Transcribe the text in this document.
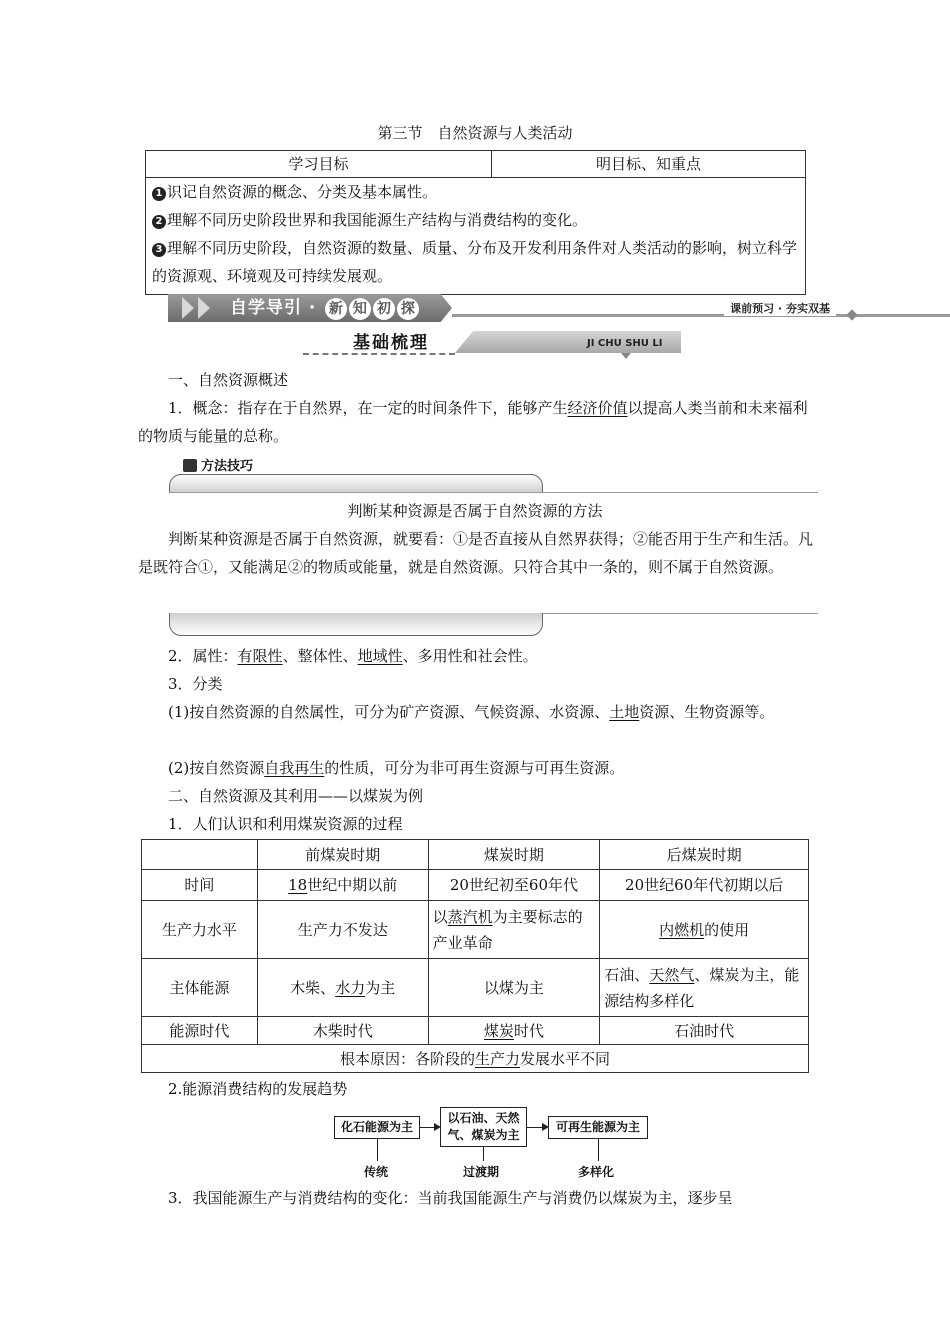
第三节　自然资源与人类活动
学习目标	明目标、知重点
1 识记自然资源的概念、分类及基本属性。
2 理解不同历史阶段世界和我国能源生产结构与消费结构的变化。
3 理解不同历史阶段，自然资源的数量、质量、分布及开发利用条件对人类活动的影响，树立科学的资源观、环境观及可持续发展观。
自学导引 · 新 知 初 探	课前预习 · 夯实双基
基础梳理	JI CHU SHU LI
一、自然资源概述
1．概念：指存在于自然界，在一定的时间条件下，能够产生经济价值以提高人类当前和未来福利的物质与能量的总称。
方法技巧
判断某种资源是否属于自然资源的方法
判断某种资源是否属于自然资源，就要看：①是否直接从自然界获得；②能否用于生产和生活。凡是既符合①，又能满足②的物质或能量，就是自然资源。只符合其中一条的，则不属于自然资源。
2．属性：有限性、整体性、地域性、多用性和社会性。
3．分类
(1)按自然资源的自然属性，可分为矿产资源、气候资源、水资源、土地资源、生物资源等。
(2)按自然资源自我再生的性质，可分为非可再生资源与可再生资源。
二、自然资源及其利用——以煤炭为例
1．人们认识和利用煤炭资源的过程
	前煤炭时期	煤炭时期	后煤炭时期
时间	18世纪中期以前	20世纪初至60年代	20世纪60年代初期以后
生产力水平	生产力不发达	以蒸汽机为主要标志的产业革命	内燃机的使用
主体能源	木柴、水力为主	以煤为主	石油、天然气、煤炭为主，能源结构多样化
能源时代	木柴时代	煤炭时代	石油时代
根本原因：各阶段的生产力发展水平不同			
2.能源消费结构的发展趋势
化石能源为主
以石油、天然气、煤炭为主
可再生能源为主
传统	过渡期	多样化
3．我国能源生产与消费结构的变化：当前我国能源生产与消费仍以煤炭为主，逐步呈
